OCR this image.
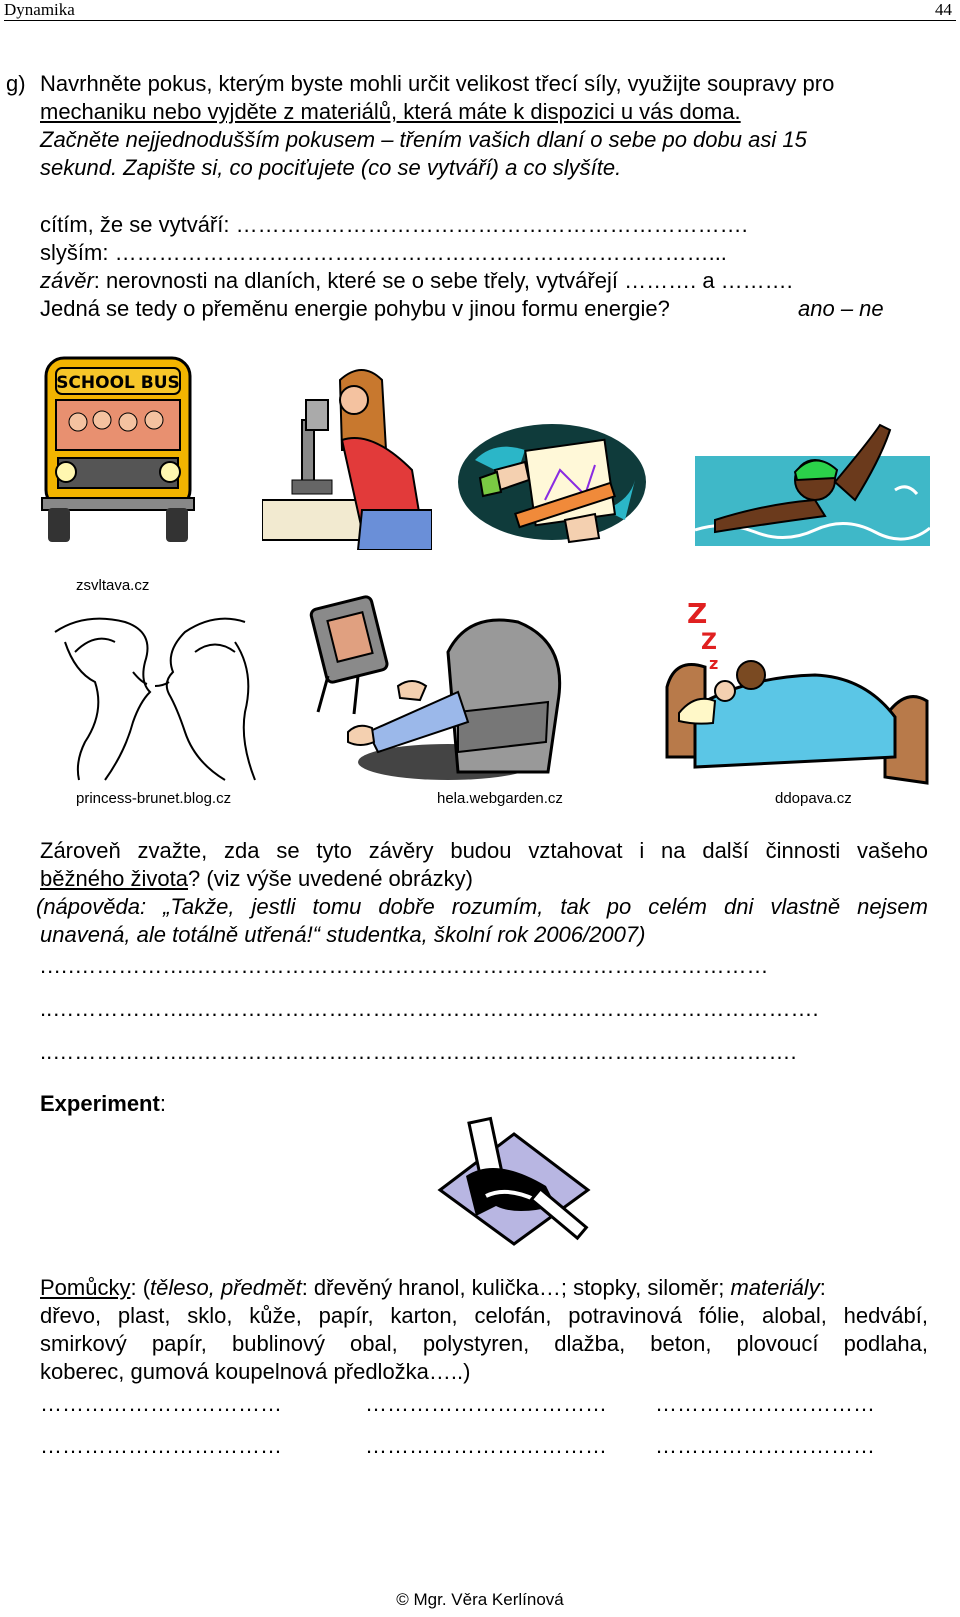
Dynamika	44
g) Navrhněte pokus, kterým byste mohli určit velikost třecí síly, využijte soupravy pro
mechaniku nebo vyjděte z materiálů, která máte k dispozici u vás doma.
Začněte nejjednodušším pokusem – třením vašich dlaní o sebe po dobu asi 15
sekund. Zapište si, co pociťujete (co se vytváří) a co slyšíte.
cítím, že se vytváří: …………………………………………………………….
slyším: ………………………………………………………………………...
závěr: nerovnosti na dlaních, které se o sebe třely, vytvářejí ………. a ……….
Jedná se tedy o přeměnu energie pohybu v jinou formu energie?	ano – ne
SCHOOL BUS
zsvltava.cz
Z
Z
z
princess-brunet.blog.cz	hela.webgarden.cz	ddopava.cz
Zároveň zvažte, zda se tyto závěry budou vztahovat i na další činnosti vašeho
běžného života? (viz výše uvedené obrázky)
(nápověda: „Takže, jestli tomu dobře rozumím, tak po celém dni vlastně nejsem
unavená, ale totálně utřená!“ studentka, školní rok 2006/2007)
.….……………..……………………………………………………………………
..………………..………………………………………………………………………….
..………………..……………………………………………………………………….
Experiment:
Pomůcky: (těleso, předmět: dřevěný hranol, kulička…; stopky, siloměr; materiály:
dřevo, plast, sklo, kůže, papír, karton, celofán, potravinová fólie, alobal, hedvábí,
smirkový papír, bublinový obal, polystyren, dlažba, beton, plovoucí podlaha,
koberec, gumová koupelnová předložka…..)
……………………………	…………………………… …………………………
……………………………	…………………………… …………………………
© Mgr. Věra Kerlínová
